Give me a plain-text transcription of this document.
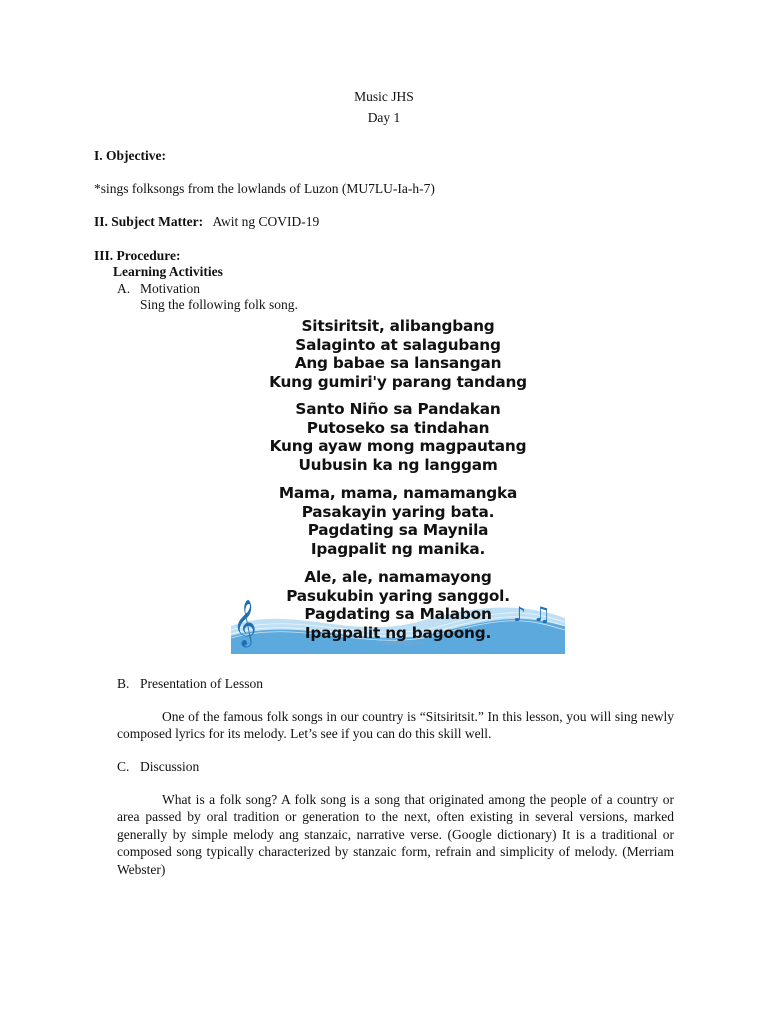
Music JHS
Day 1
I. Objective:
*sings folksongs from the lowlands of Luzon (MU7LU-Ia-h-7)
II. Subject Matter: Awit ng COVID-19
III. Procedure:
Learning Activities
A. Motivation
Sing the following folk song.
Sitsiritsit, alibangbang
Salaginto at salagubang
Ang babae sa lansangan
Kung gumiri'y parang tandang
Santo Niño sa Pandakan
Putoseko sa tindahan
Kung ayaw mong magpautang
Uubusin ka ng langgam
Mama, mama, namamangka
Pasakayin yaring bata.
Pagdating sa Maynila
Ipagpalit ng manika.
𝄞	♪ ♫
Ale, ale, namamayong
Pasukubin yaring sanggol.
Pagdating sa Malabon
Ipagpalit ng bagoong.
pagalbondeis.org
B. Presentation of Lesson
One of the famous folk songs in our country is “Sitsiritsit.” In this lesson, you will sing newly composed lyrics for its melody. Let’s see if you can do this skill well.
C. Discussion
What is a folk song? A folk song is a song that originated among the people of a country or area passed by oral tradition or generation to the next, often existing in several versions, marked generally by simple melody ang stanzaic, narrative verse. (Google dictionary) It is a traditional or composed song typically characterized by stanzaic form, refrain and simplicity of melody. (Merriam Webster)
